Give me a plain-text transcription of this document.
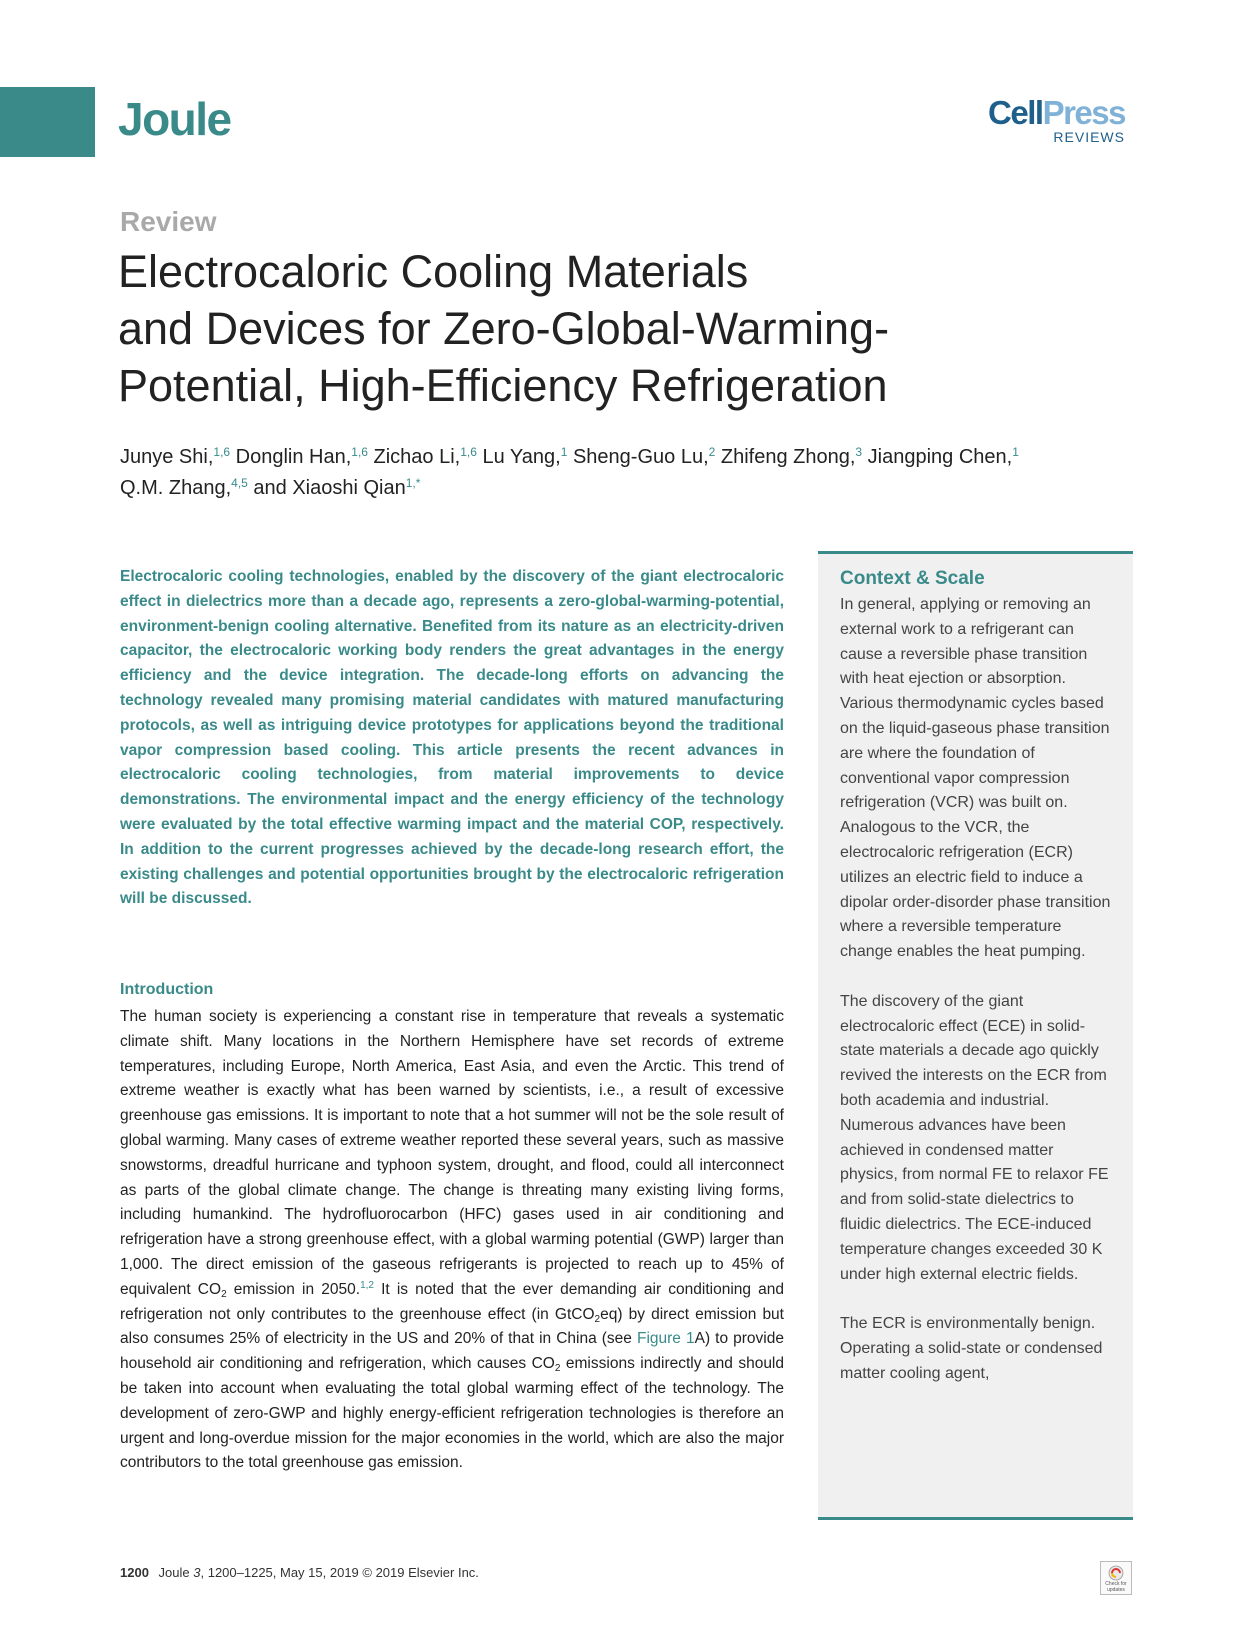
Joule	CellPress
REVIEWS
Review
Electrocaloric Cooling Materials
and Devices for Zero-Global-Warming-
Potential, High-Efficiency Refrigeration
Junye Shi,$^{1,6}$ Donglin Han,$^{1,6}$ Zichao Li,$^{1,6}$ Lu Yang,$^1$ Sheng-Guo Lu,$^2$ Zhifeng Zhong,$^3$ Jiangping Chen,$^1$
Q.M. Zhang,$^{4,5}$ and Xiaoshi Qian$^{1,*}$
Electrocaloric cooling technologies, enabled by the discovery of the giant electrocaloric effect in dielectrics more than a decade ago, represents a zero-global-warming-potential, environment-benign cooling alternative. Benefited from its nature as an electricity-driven capacitor, the electrocaloric working body renders the great advantages in the energy efficiency and the device integration. The decade-long efforts on advancing the technology revealed many promising material candidates with matured manufacturing protocols, as well as intriguing device prototypes for applications beyond the traditional vapor compression based cooling. This article presents the recent advances in electrocaloric cooling technologies, from material improvements to device demonstrations. The environmental impact and the energy efficiency of the technology were evaluated by the total effective warming impact and the material COP, respectively. In addition to the current progresses achieved by the decade-long research effort, the existing challenges and potential opportunities brought by the electrocaloric refrigeration will be discussed.
Introduction
The human society is experiencing a constant rise in temperature that reveals a systematic climate shift. Many locations in the Northern Hemisphere have set records of extreme temperatures, including Europe, North America, East Asia, and even the Arctic. This trend of extreme weather is exactly what has been warned by scientists, i.e., a result of excessive greenhouse gas emissions. It is important to note that a hot summer will not be the sole result of global warming. Many cases of extreme weather reported these several years, such as massive snowstorms, dreadful hurricane and typhoon system, drought, and flood, could all interconnect as parts of the global climate change. The change is threating many existing living forms, including humankind. The hydrofluorocarbon (HFC) gases used in air conditioning and refrigeration have a strong greenhouse effect, with a global warming potential (GWP) larger than 1,000. The direct emission of the gaseous refrigerants is projected to reach up to 45% of equivalent $CO_2$ emission in 2050.$^{1,2}$ It is noted that the ever demanding air conditioning and refrigeration not only contributes to the greenhouse effect (in GtCO$_2$eq) by direct emission but also consumes 25% of electricity in the US and 20% of that in China (see Figure 1A) to provide household air conditioning and refrigeration, which causes $CO_2$ emissions indirectly and should be taken into account when evaluating the total global warming effect of the technology. The development of zero-GWP and highly energy-efficient refrigeration technologies is therefore an urgent and long-overdue mission for the major economies in the world, which are also the major contributors to the total greenhouse gas emission.
Context & Scale

In general, applying or removing an external work to a refrigerant can cause a reversible phase transition with heat ejection or absorption. Various thermodynamic cycles based on the liquid-gaseous phase transition are where the foundation of conventional vapor compression refrigeration (VCR) was built on. Analogous to the VCR, the electrocaloric refrigeration (ECR) utilizes an electric field to induce a dipolar order-disorder phase transition where a reversible temperature change enables the heat pumping.

The discovery of the giant electrocaloric effect (ECE) in solid-state materials a decade ago quickly revived the interests on the ECR from both academia and industrial. Numerous advances have been achieved in condensed matter physics, from normal FE to relaxor FE and from solid-state dielectrics to fluidic dielectrics. The ECE-induced temperature changes exceeded 30 K under high external electric fields.

The ECR is environmentally benign. Operating a solid-state or condensed matter cooling agent,

1200 Joule 3, 1200–1225, May 15, 2019 © 2019 Elsevier Inc.
Check for updates
